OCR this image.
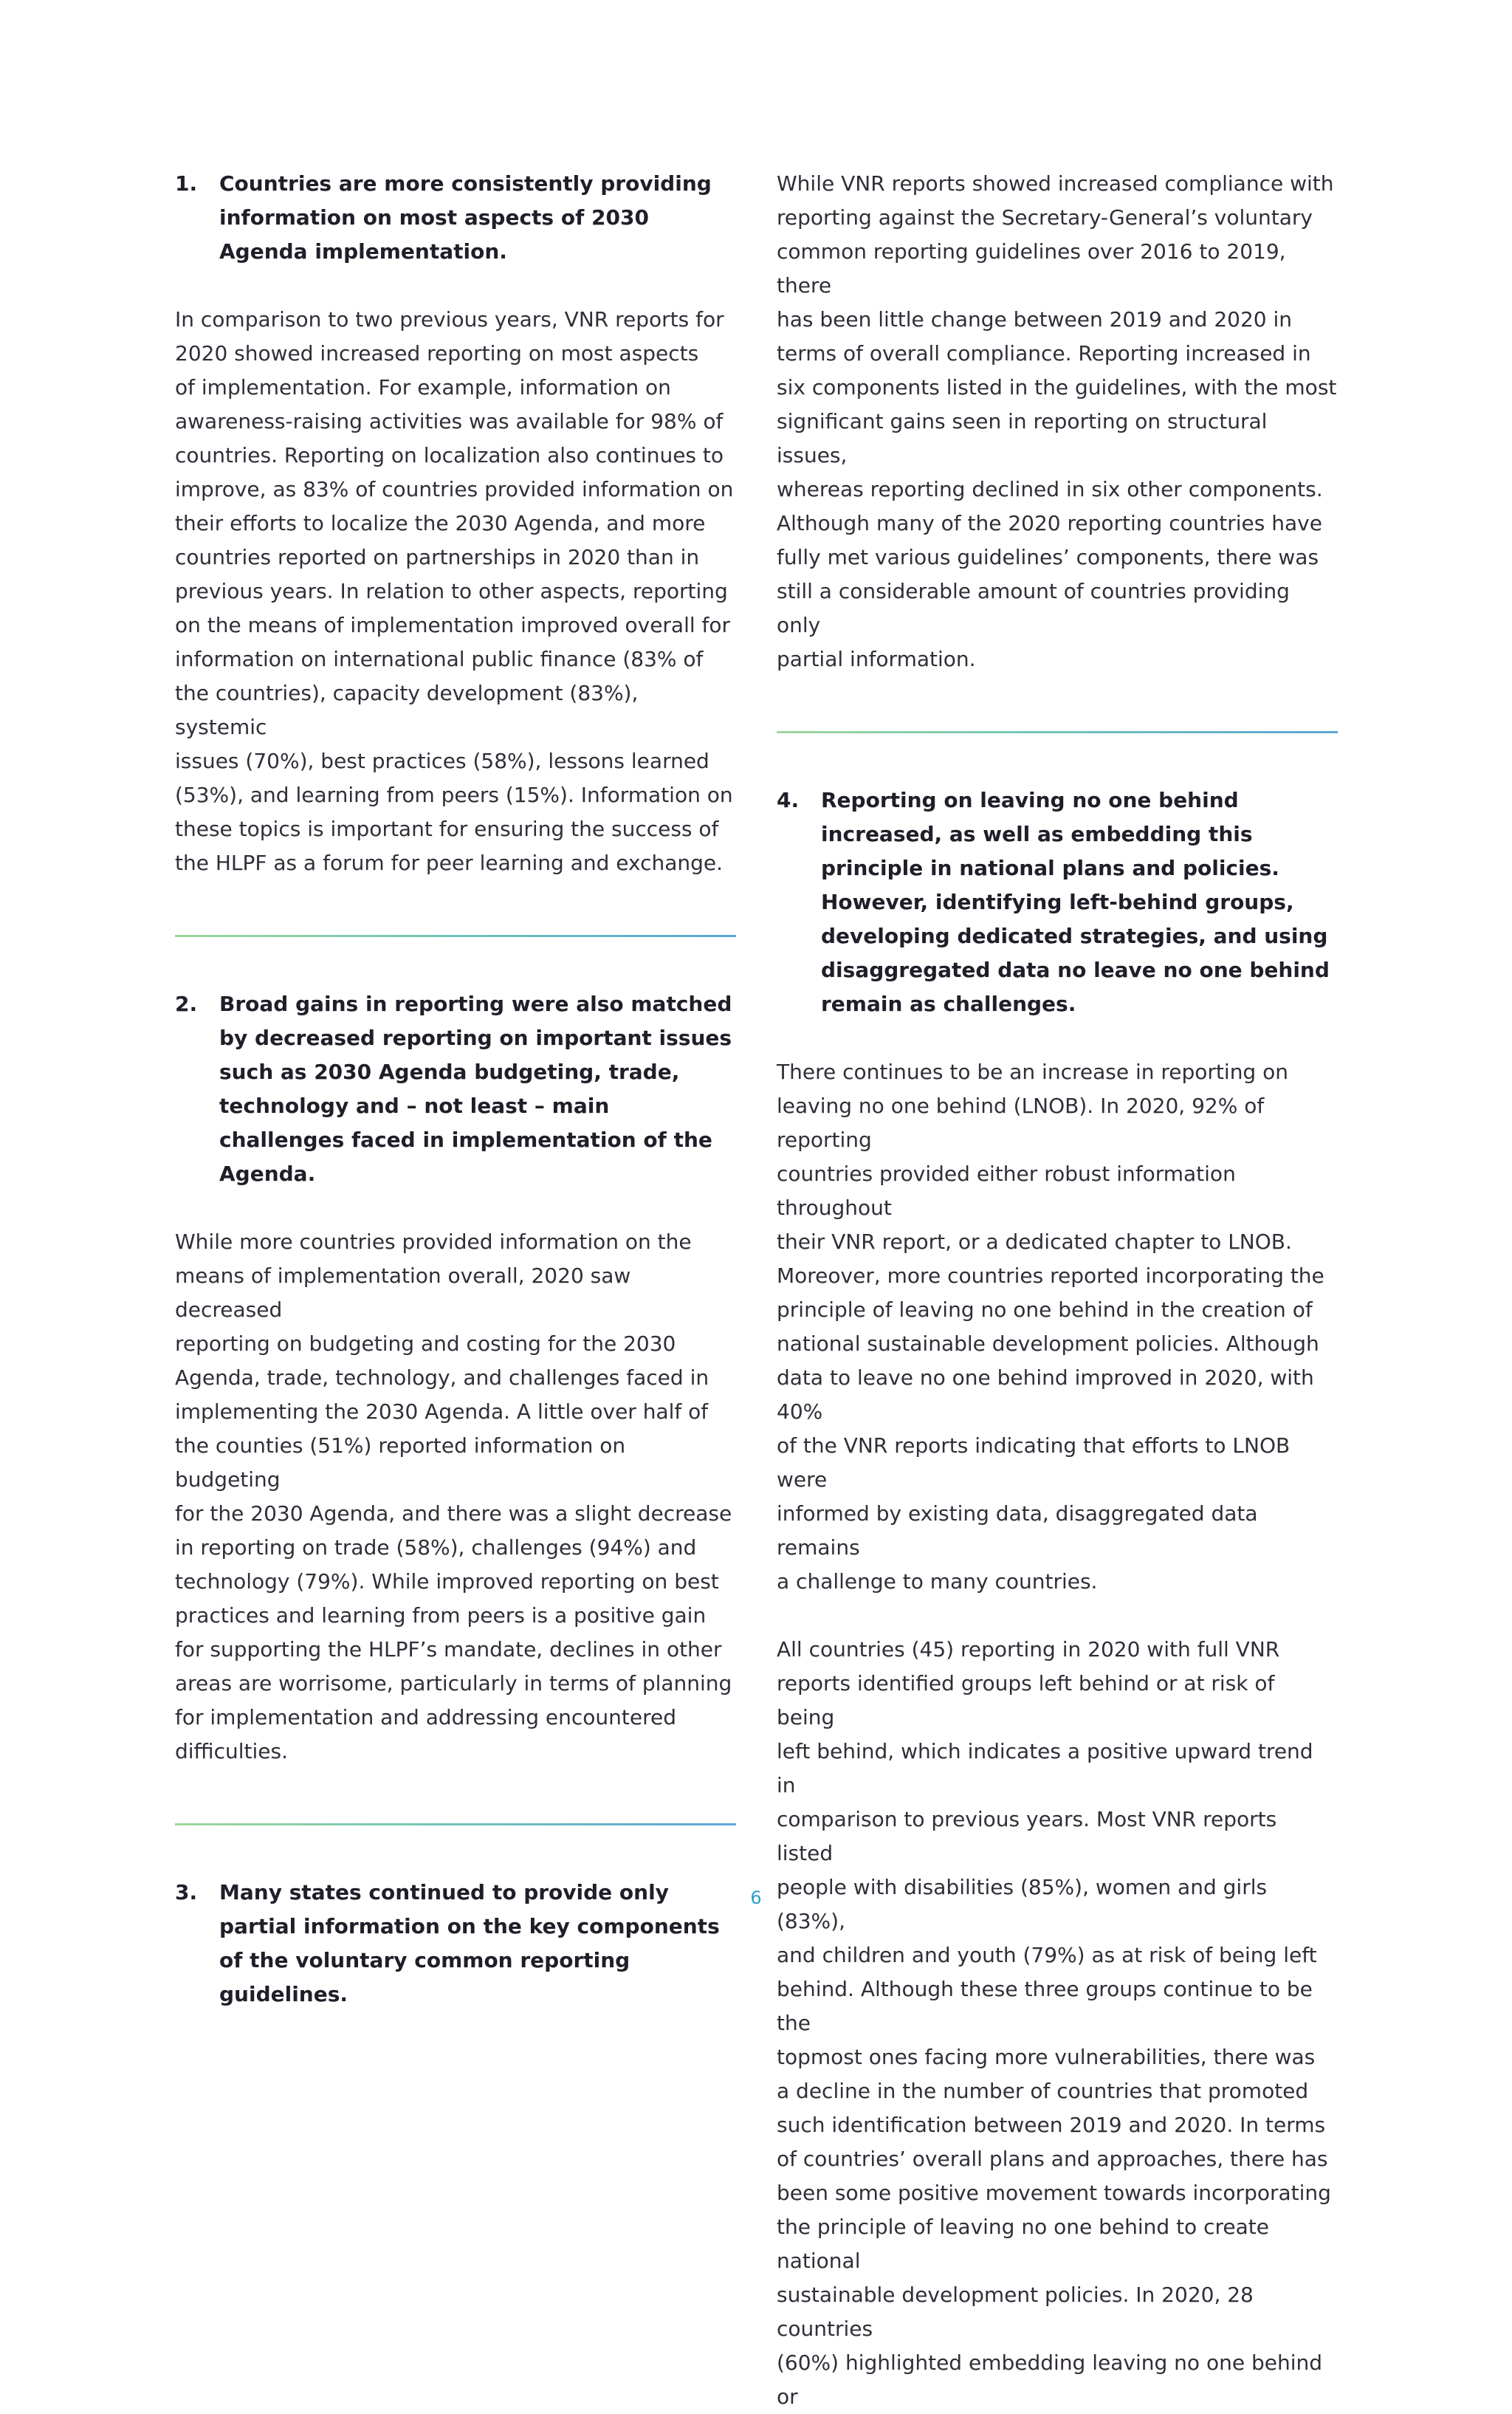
1.	Countries are more consistently providing information on most aspects of 2030 Agenda implementation.

In comparison to two previous years, VNR reports for
2020 showed increased reporting on most aspects
of implementation. For example, information on
awareness-raising activities was available for 98% of
countries. Reporting on localization also continues to
improve, as 83% of countries provided information on
their efforts to localize the 2030 Agenda, and more
countries reported on partnerships in 2020 than in
previous years. In relation to other aspects, reporting
on the means of implementation improved overall for
information on international public finance (83% of
the countries), capacity development (83%), systemic
issues (70%), best practices (58%), lessons learned
(53%), and learning from peers (15%). Information on
these topics is important for ensuring the success of
the HLPF as a forum for peer learning and exchange.

2.	Broad gains in reporting were also matched by decreased reporting on important issues such as 2030 Agenda budgeting, trade, technology and – not least – main challenges faced in implementation of the Agenda.

While more countries provided information on the
means of implementation overall, 2020 saw decreased
reporting on budgeting and costing for the 2030
Agenda, trade, technology, and challenges faced in
implementing the 2030 Agenda. A little over half of
the counties (51%) reported information on budgeting
for the 2030 Agenda, and there was a slight decrease
in reporting on trade (58%), challenges (94%) and
technology (79%). While improved reporting on best
practices and learning from peers is a positive gain
for supporting the HLPF’s mandate, declines in other
areas are worrisome, particularly in terms of planning
for implementation and addressing encountered
difficulties.

3.	Many states continued to provide only partial information on the key components of the voluntary common reporting guidelines.

While VNR reports showed increased compliance with
reporting against the Secretary-General’s voluntary
common reporting guidelines over 2016 to 2019, there
has been little change between 2019 and 2020 in
terms of overall compliance. Reporting increased in
six components listed in the guidelines, with the most
significant gains seen in reporting on structural issues,
whereas reporting declined in six other components.
Although many of the 2020 reporting countries have
fully met various guidelines’ components, there was
still a considerable amount of countries providing only
partial information.

4.	Reporting on leaving no one behind increased, as well as embedding this principle in national plans and policies. However, identifying left-behind groups, developing dedicated strategies, and using disaggregated data no leave no one behind remain as challenges.

There continues to be an increase in reporting on
leaving no one behind (LNOB). In 2020, 92% of reporting
countries provided either robust information throughout
their VNR report, or a dedicated chapter to LNOB.
Moreover, more countries reported incorporating the
principle of leaving no one behind in the creation of
national sustainable development policies. Although
data to leave no one behind improved in 2020, with 40%
of the VNR reports indicating that efforts to LNOB were
informed by existing data, disaggregated data remains
a challenge to many countries.

All countries (45) reporting in 2020 with full VNR
reports identified groups left behind or at risk of being
left behind, which indicates a positive upward trend in
comparison to previous years. Most VNR reports listed
people with disabilities (85%), women and girls (83%),
and children and youth (79%) as at risk of being left
behind. Although these three groups continue to be the
topmost ones facing more vulnerabilities, there was
a decline in the number of countries that promoted
such identification between 2019 and 2020. In terms
of countries’ overall plans and approaches, there has
been some positive movement towards incorporating
the principle of leaving no one behind to create national
sustainable development policies. In 2020, 28 countries
(60%) highlighted embedding leaving no one behind or

6
